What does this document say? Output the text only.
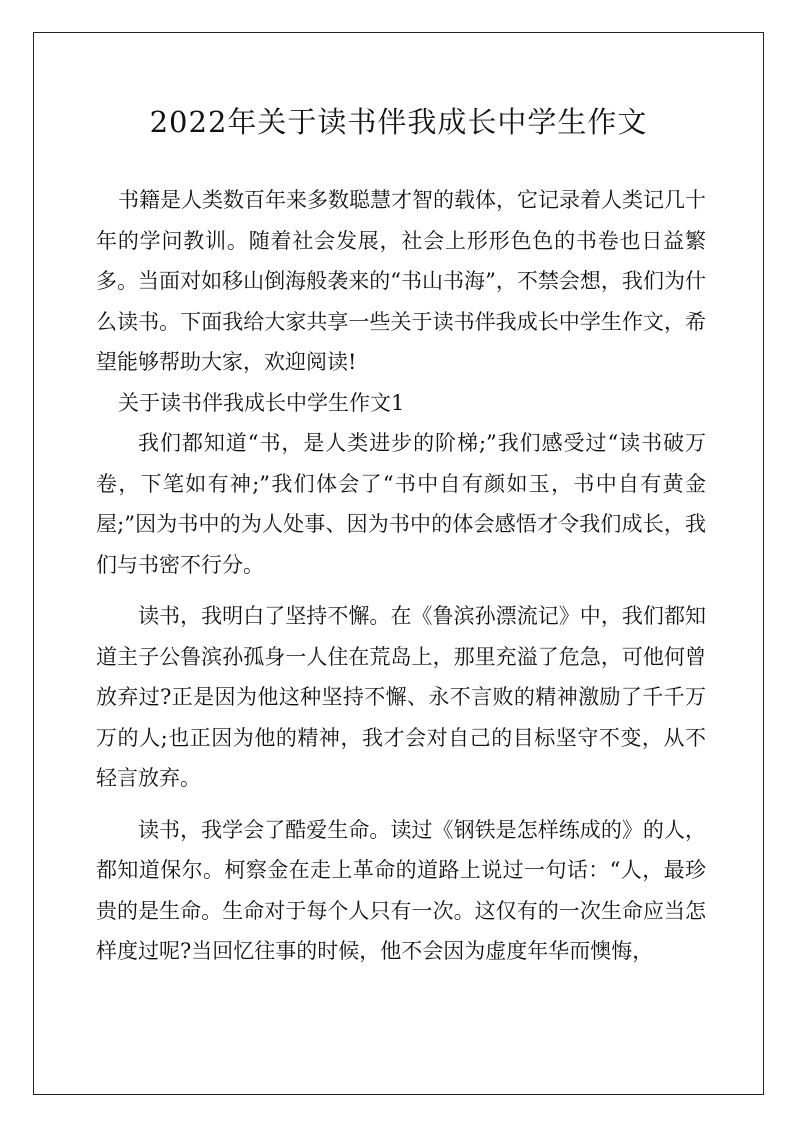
2022年关于读书伴我成长中学生作文

书籍是人类数百年来多数聪慧才智的载体，它记录着人类记几十年的学问教训。随着社会发展，社会上形形色色的书卷也日益繁多。当面对如移山倒海般袭来的“书山书海”，不禁会想，我们为什么读书。下面我给大家共享一些关于读书伴我成长中学生作文，希望能够帮助大家，欢迎阅读!

关于读书伴我成长中学生作文1

我们都知道“书，是人类进步的阶梯;”我们感受过“读书破万卷，下笔如有神;”我们体会了“书中自有颜如玉，书中自有黄金屋;”因为书中的为人处事、因为书中的体会感悟才令我们成长，我们与书密不行分。

读书，我明白了坚持不懈。在《鲁滨孙漂流记》中，我们都知道主子公鲁滨孙孤身一人住在荒岛上，那里充溢了危急，可他何曾放弃过?正是因为他这种坚持不懈、永不言败的精神激励了千千万万的人;也正因为他的精神，我才会对自己的目标坚守不变，从不轻言放弃。

读书，我学会了酷爱生命。读过《钢铁是怎样练成的》的人，都知道保尔。柯察金在走上革命的道路上说过一句话：“人，最珍贵的是生命。生命对于每个人只有一次。这仅有的一次生命应当怎样度过呢?当回忆往事的时候，他不会因为虚度年华而懊悔，
